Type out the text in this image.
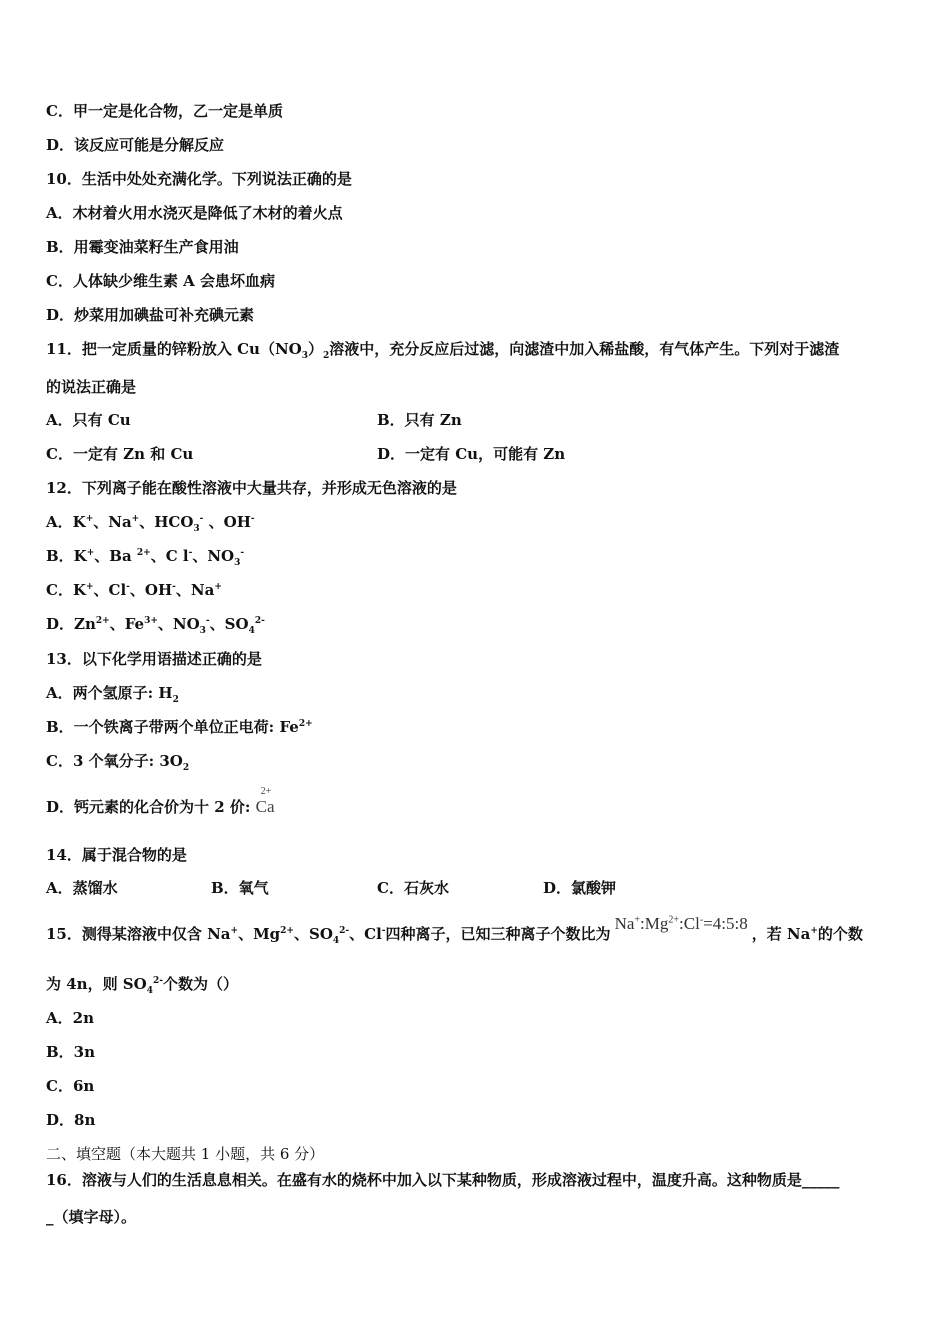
C．甲一定是化合物，乙一定是单质
D．该反应可能是分解反应
10．生活中处处充满化学。下列说法正确的是
A．木材着火用水浇灭是降低了木材的着火点
B．用霉变油菜籽生产食用油
C．人体缺少维生素 A 会患坏血病
D．炒菜用加碘盐可补充碘元素
11．把一定质量的锌粉放入 $Cu(NO_3)_2$溶液中，充分反应后过滤，向滤渣中加入稀盐酸，有气体产生。下列对于滤渣
的说法正确是
A．只有 Cu	B．只有 Zn
C．一定有 Zn 和 Cu	D．一定有 Cu，可能有 Zn
12．下列离子能在酸性溶液中大量共存，并形成无色溶液的是
A．K+、Na+、$HCO_3^-$ 、OH-
B．K+、Ba $^{2+}$、C l-、$NO_3^-$
C．K+、Cl-、OH-、Na+
D．$Zn^{2+}$、$Fe^{3+}$、$NO_3^-$、$SO_4^{2-}$
13．以下化学用语描述正确的是
A．两个氢原子: $H_2$
B．一个铁离子带两个单位正电荷: $Fe^{2+}$
C．3 个氧分子: $3O_2$
D．钙元素的化合价为十 2 价:
2+
Ca
14．属于混合物的是
A．蒸馏水	B．氧气	C．石灰水	D．氯酸钾
15．测得某溶液中仅含 Na+、$Mg^{2+}$、$SO_4^{2-}$、Cl-四种离子，已知三种离子个数比为$Na^+:Mg^{2+}:Cl^-=4:5:8$，若 Na+的个数
为 4n，则 $SO_4^{2-}$个数为（）
A．2n
B．3n
C．6n
D．8n
二、填空题（本大题共 1 小题，共 6 分）
16．溶液与人们的生活息息相关。在盛有水的烧杯中加入以下某种物质，形成溶液过程中，温度升高。这种物质是_____
_（填字母）。
